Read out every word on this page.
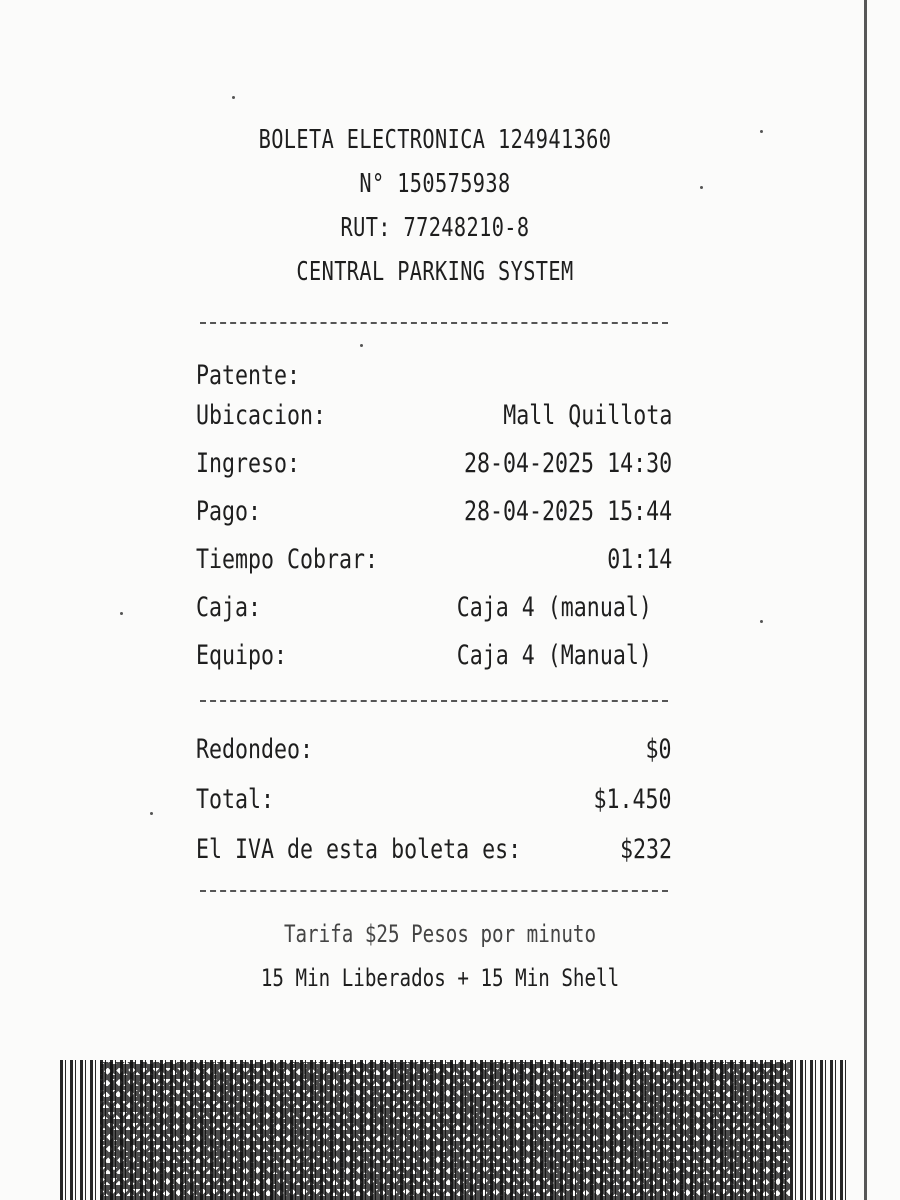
BOLETA ELECTRONICA 124941360
N° 150575938
RUT: 77248210-8
CENTRAL PARKING SYSTEM
Patente:
Ubicacion:	Mall Quillota
Ingreso:	28-04-2025 14:30
Pago:	28-04-2025 15:44
Tiempo Cobrar:	01:14
Caja:	Caja 4 (manual)
Equipo:	Caja 4 (Manual)
Redondeo:	$0
Total:	$1.450
El IVA de esta boleta es:	$232
Tarifa $25 Pesos por minuto
15 Min Liberados + 15 Min Shell
